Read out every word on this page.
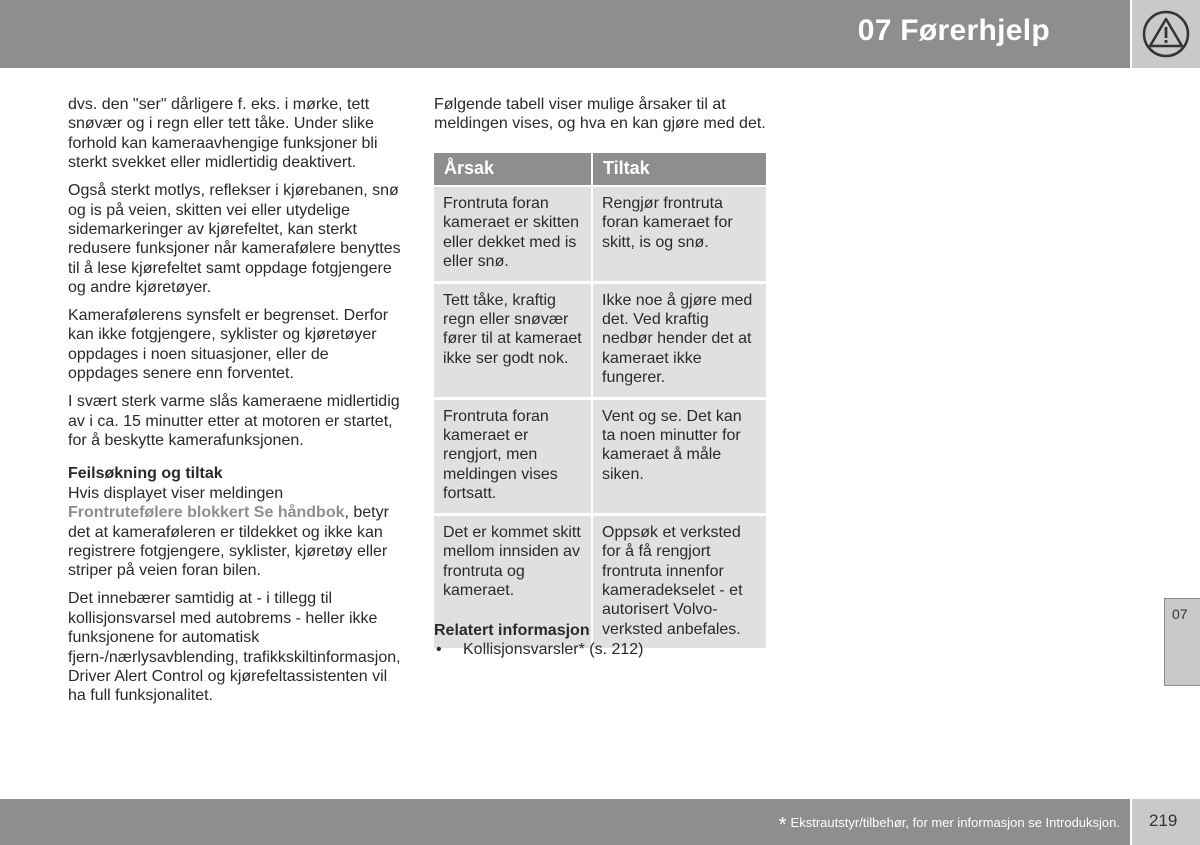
07 Førerhjelp

dvs. den "ser" dårligere f. eks. i mørke, tett snøvær og i regn eller tett tåke. Under slike forhold kan kameraavhengige funksjoner bli sterkt svekket eller midlertidig deaktivert.

Også sterkt motlys, reflekser i kjørebanen, snø og is på veien, skitten vei eller utydelige sidemarkeringer av kjørefeltet, kan sterkt redusere funksjoner når kamerafølere benyttes til å lese kjørefeltet samt oppdage fotgjengere og andre kjøretøyer.

Kamerafølerens synsfelt er begrenset. Derfor kan ikke fotgjengere, syklister og kjøretøyer oppdages i noen situasjoner, eller de oppdages senere enn forventet.

I svært sterk varme slås kameraene midlertidig av i ca. 15 minutter etter at motoren er startet, for å beskytte kamerafunksjonen.

Feilsøkning og tiltak

Hvis displayet viser meldingen
Frontrutefølere blokkert Se håndbok, betyr det at kameraføleren er tildekket og ikke kan registrere fotgjengere, syklister, kjøretøy eller striper på veien foran bilen.

Det innebærer samtidig at - i tillegg til kollisjonsvarsel med autobrems - heller ikke funksjonene for automatisk fjern-/nærlysavblending, trafikkskiltinformasjon, Driver Alert Control og kjørefeltassistenten vil ha full funksjonalitet.

Følgende tabell viser mulige årsaker til at meldingen vises, og hva en kan gjøre med det.

Årsak	Tiltak
Frontruta foran kameraet er skitten eller dekket med is eller snø.	Rengjør frontruta foran kameraet for skitt, is og snø.
Tett tåke, kraftig regn eller snøvær fører til at kameraet ikke ser godt nok.	Ikke noe å gjøre med det. Ved kraftig nedbør hender det at kameraet ikke fungerer.
Frontruta foran kameraet er rengjort, men meldingen vises fortsatt.	Vent og se. Det kan ta noen minutter for kameraet å måle siken.
Det er kommet skitt mellom innsiden av frontruta og kameraet.	Oppsøk et verksted for å få rengjort frontruta innenfor kameradekselet - et autorisert Volvo-verksted anbefales.
Relatert informasjon
• Kollisjonsvarsler* (s. 212)
07
* Ekstrautstyr/tilbehør, for mer informasjon se Introduksjon. 219
